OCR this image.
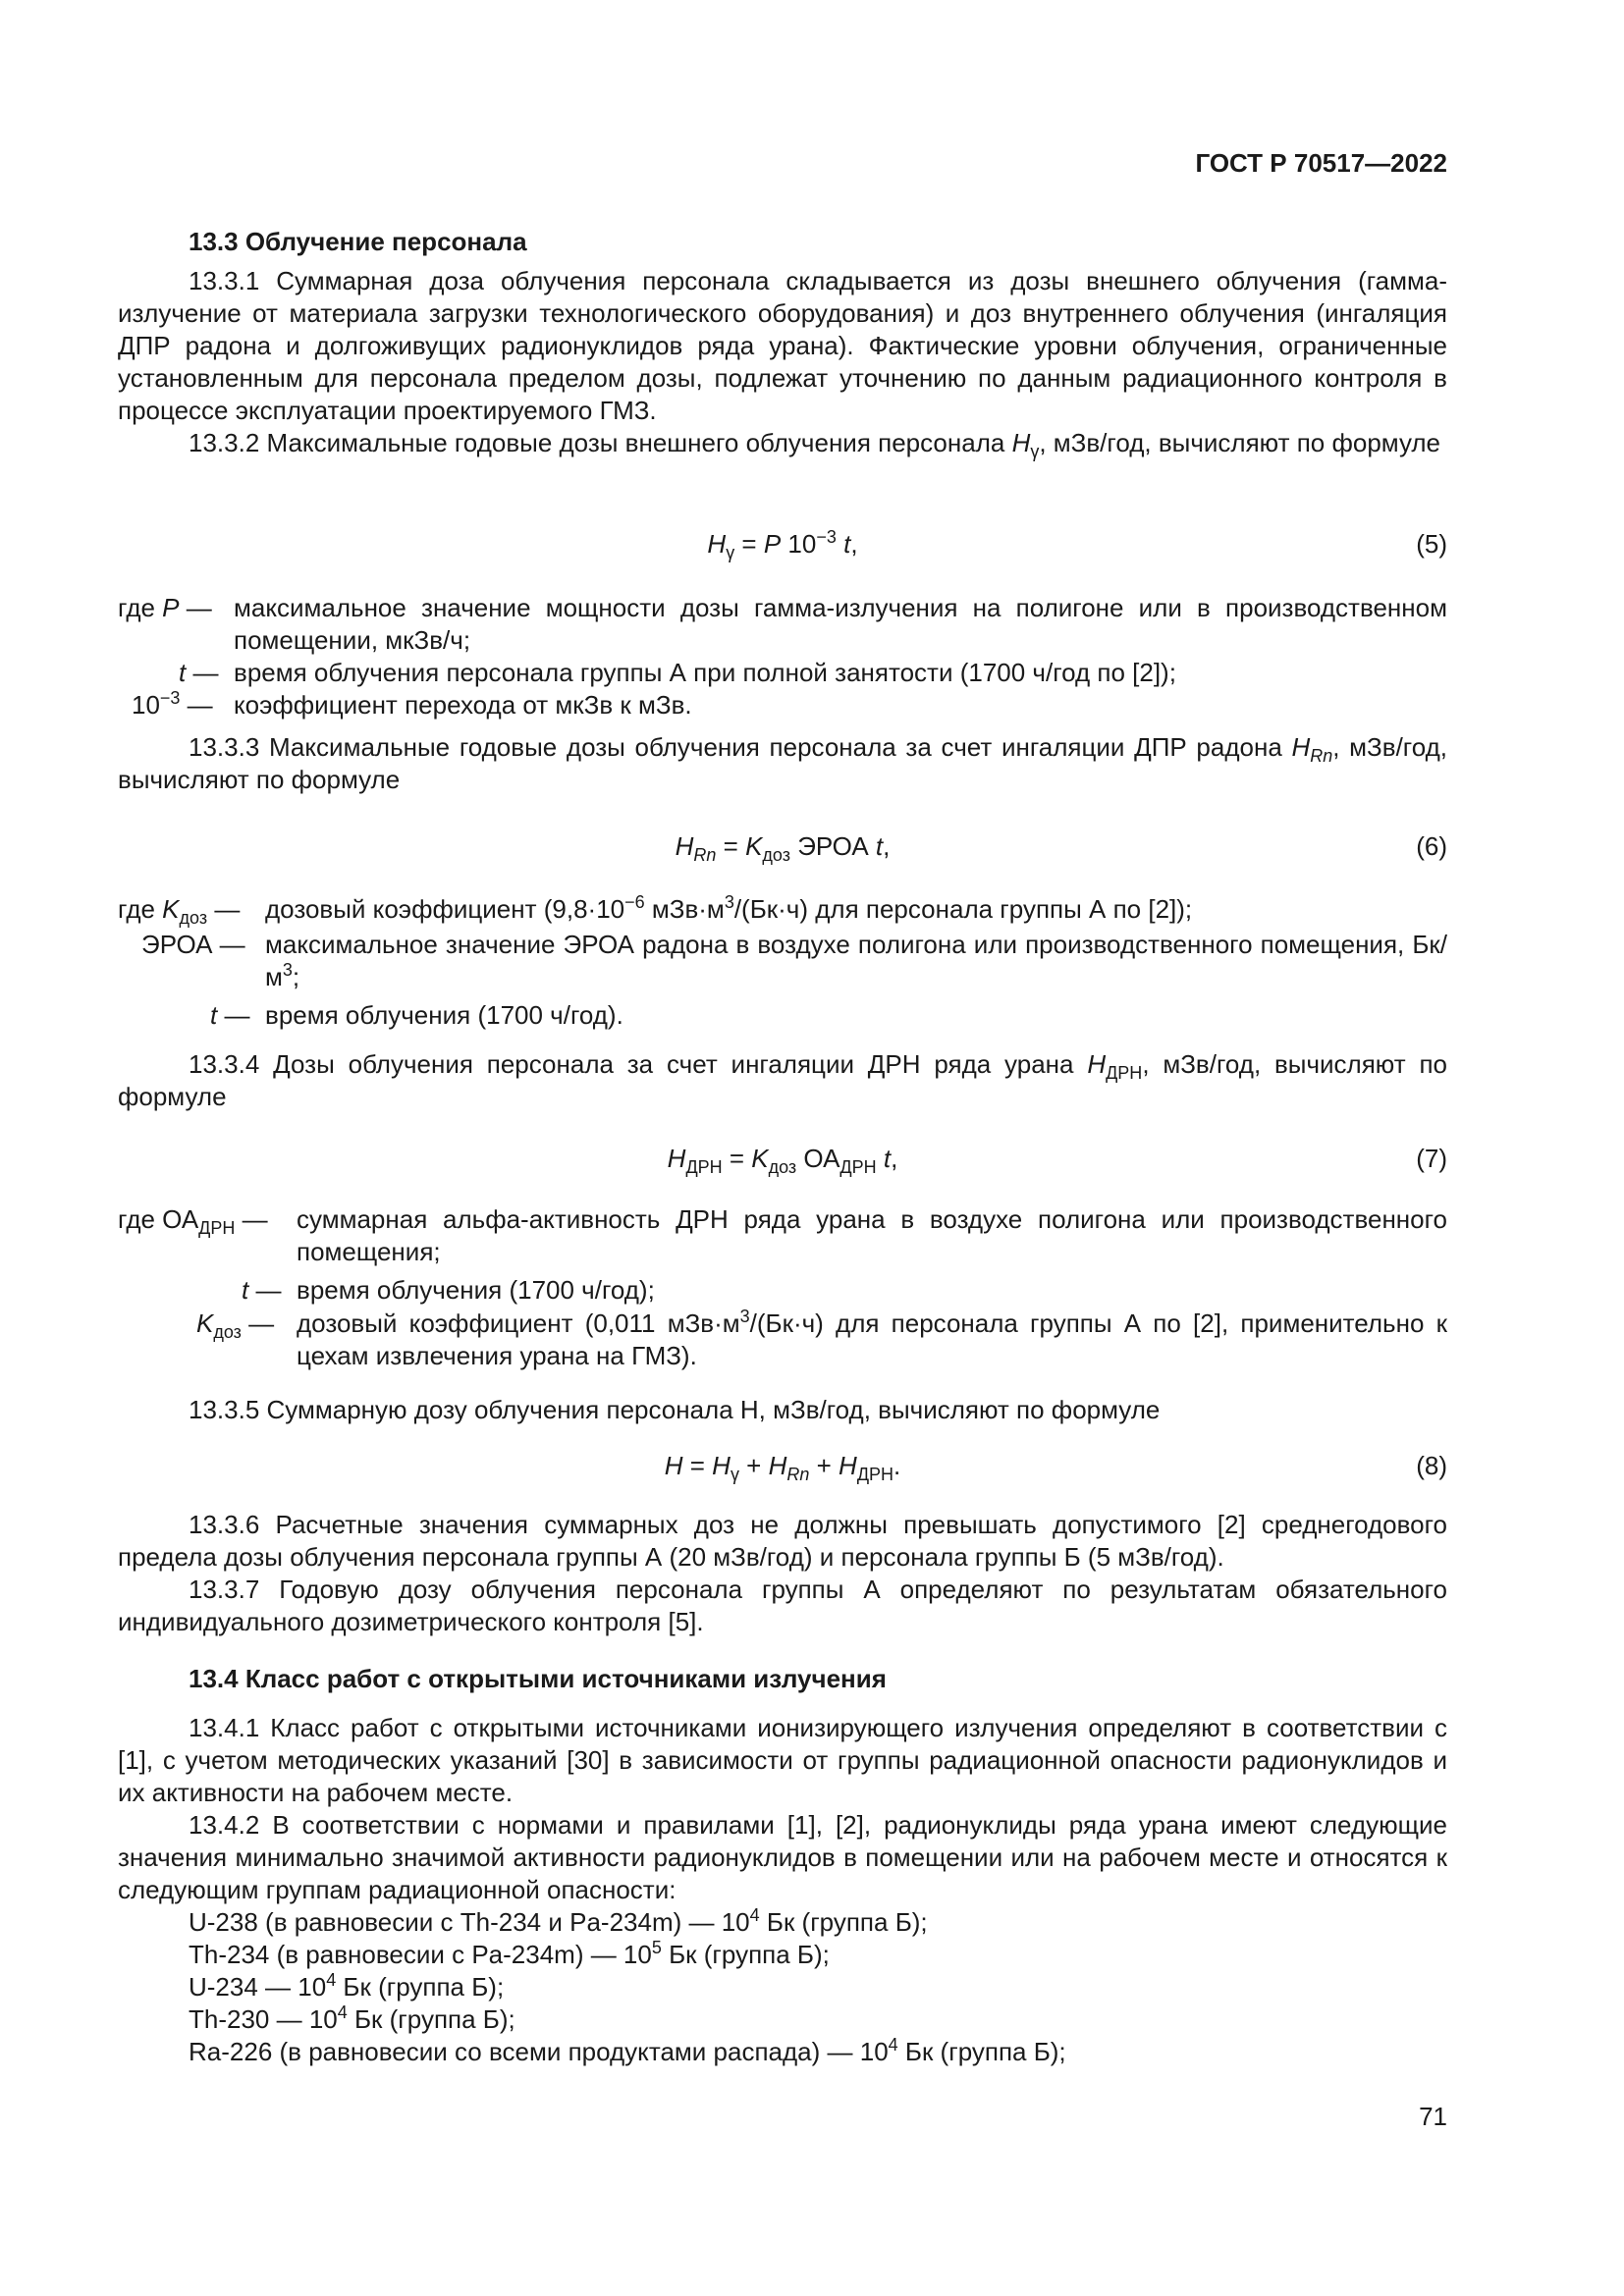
ГОСТ Р 70517—2022
13.3 Облучение персонала
13.3.1 Суммарная доза облучения персонала складывается из дозы внешнего облучения (гамма-излучение от материала загрузки технологического оборудования) и доз внутреннего облучения (ингаляция ДПР радона и долгоживущих радионуклидов ряда урана). Фактические уровни облучения, ограниченные установленным для персонала пределом дозы, подлежат уточнению по данным радиационного контроля в процессе эксплуатации проектируемого ГМЗ.
13.3.2 Максимальные годовые дозы внешнего облучения персонала $H_\gamma$, мЗв/год, вычисляют по формуле
$H_\gamma = P$ $10^{-3}$ t,	(5)
где P — максимальное значение мощности дозы гамма-излучения на полигоне или в производственном помещении, мкЗв/ч;
t — время облучения персонала группы А при полной занятости (1700 ч/год по [2]);
$10^{-3}$ — коэффициент перехода от мкЗв к мЗв.
13.3.3 Максимальные годовые дозы облучения персонала за счет ингаляции ДПР радона $H_{Rn}$, мЗв/год, вычисляют по формуле
$H_{Rn} = K_{доз}$ ЭРОА t,	(6)
где $K_{доз}$ — дозовый коэффициент ($9,8\cdot 10^{-6}$ $мЗв\cdot м^3/(Бк\cdot ч)$ для персонала группы А по [2]);
ЭРОА — максимальное значение ЭРОА радона в воздухе полигона или производственного помещения, $Бк/м^3$;
t — время облучения (1700 ч/год).
13.3.4 Дозы облучения персонала за счет ингаляции ДРН ряда урана $H_{ДРН}$, мЗв/год, вычисляют по формуле
$H_{ДРН} = K_{доз}$ $ОА_{ДРН}$ t,	(7)
где $ОА_{ДРН}$ — суммарная альфа-активность ДРН ряда урана в воздухе полигона или производственного помещения;
t — время облучения (1700 ч/год);
$K_{доз}$ — дозовый коэффициент (0,011 $мЗв\cdot м^3/(Бк\cdot ч)$ для персонала группы А по [2], применительно к цехам извлечения урана на ГМЗ).
13.3.5 Суммарную дозу облучения персонала Н, мЗв/год, вычисляют по формуле
$H = H_\gamma + H_{Rn} + H_{ДРН}$.	(8)
13.3.6 Расчетные значения суммарных доз не должны превышать допустимого [2] среднегодового предела дозы облучения персонала группы А (20 мЗв/год) и персонала группы Б (5 мЗв/год).
13.3.7 Годовую дозу облучения персонала группы А определяют по результатам обязательного индивидуального дозиметрического контроля [5].
13.4 Класс работ с открытыми источниками излучения
13.4.1 Класс работ с открытыми источниками ионизирующего излучения определяют в соответствии с [1], с учетом методических указаний [30] в зависимости от группы радиационной опасности радионуклидов и их активности на рабочем месте.
13.4.2 В соответствии с нормами и правилами [1], [2], радионуклиды ряда урана имеют следующие значения минимально значимой активности радионуклидов в помещении или на рабочем месте и относятся к следующим группам радиационной опасности:
U-238 (в равновесии с Th-234 и Pa-234m) — $10^4$ Бк (группа Б);
Th-234 (в равновесии с Pa-234m) — $10^5$ Бк (группа Б);
U-234 — $10^4$ Бк (группа Б);
Th-230 — $10^4$ Бк (группа Б);
Ra-226 (в равновесии со всеми продуктами распада) — $10^4$ Бк (группа Б);
71
